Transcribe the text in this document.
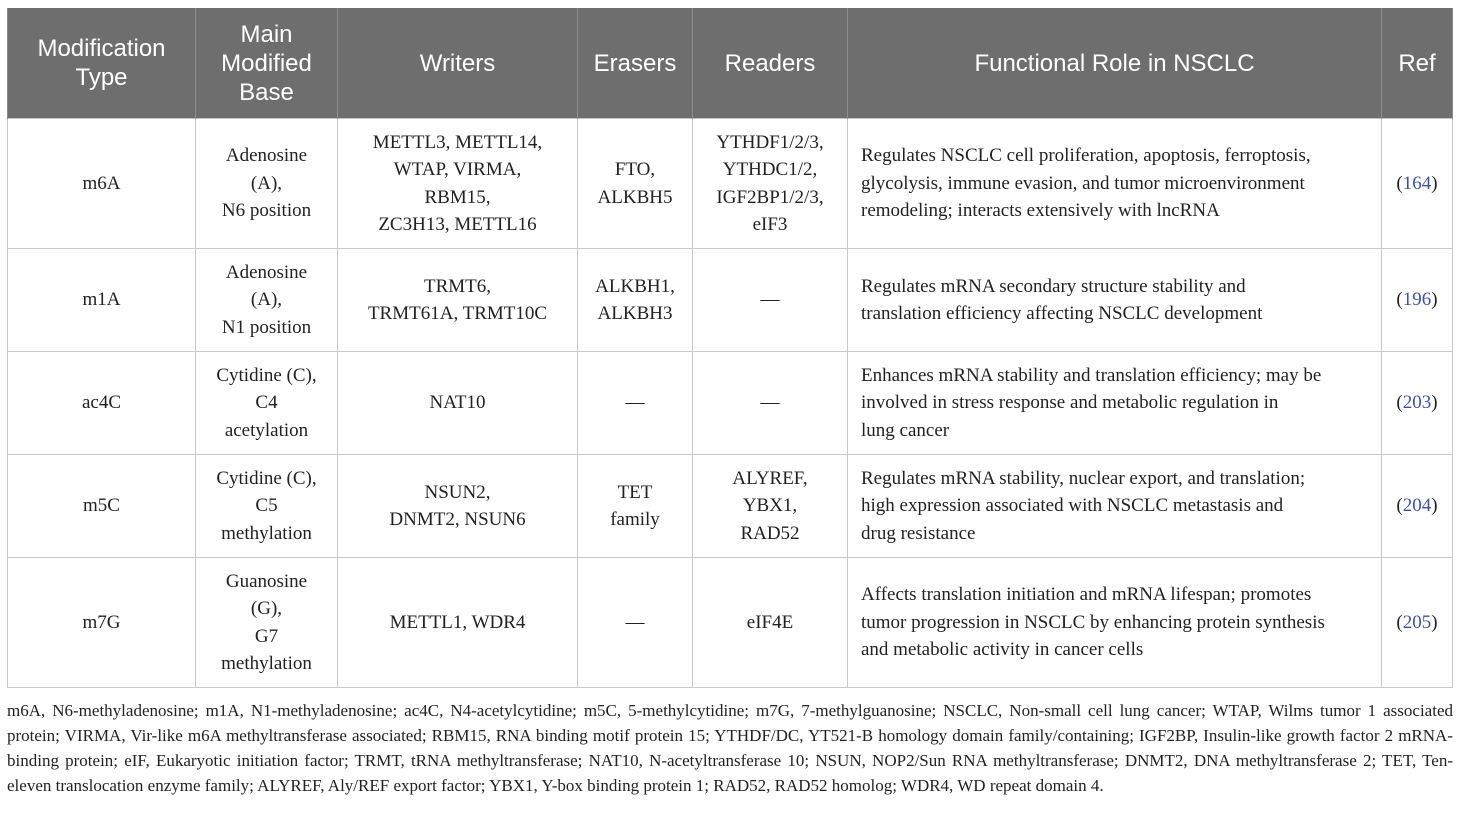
Modification
Type	Main
Modified
Base	Writers	Erasers	Readers	Functional Role in NSCLC	Ref
m6A	Adenosine
(A),
N6 position	METTL3, METTL14,
WTAP, VIRMA,
RBM15,
ZC3H13, METTL16	FTO,
ALKBH5	YTHDF1/2/3,
YTHDC1/2,
IGF2BP1/2/3,
eIF3	Regulates NSCLC cell proliferation, apoptosis, ferroptosis,
glycolysis, immune evasion, and tumor microenvironment
remodeling; interacts extensively with lncRNA	(164)
m1A	Adenosine
(A),
N1 position	TRMT6,
TRMT61A, TRMT10C	ALKBH1,
ALKBH3	—	Regulates mRNA secondary structure stability and
translation efficiency affecting NSCLC development	(196)
ac4C	Cytidine (C),
C4
acetylation	NAT10	—	—	Enhances mRNA stability and translation efficiency; may be
involved in stress response and metabolic regulation in
lung cancer	(203)
m5C	Cytidine (C),
C5
methylation	NSUN2,
DNMT2, NSUN6	TET
family	ALYREF,
YBX1,
RAD52	Regulates mRNA stability, nuclear export, and translation;
high expression associated with NSCLC metastasis and
drug resistance	(204)
m7G	Guanosine
(G),
G7
methylation	METTL1, WDR4	—	eIF4E	Affects translation initiation and mRNA lifespan; promotes
tumor progression in NSCLC by enhancing protein synthesis
and metabolic activity in cancer cells	(205)
m6A, N6-methyladenosine; m1A, N1-methyladenosine; ac4C, N4-acetylcytidine; m5C, 5-methylcytidine; m7G, 7-methylguanosine; NSCLC, Non-small cell lung cancer; WTAP, Wilms tumor 1 associated protein; VIRMA, Vir-like m6A methyltransferase associated; RBM15, RNA binding motif protein 15; YTHDF/DC, YT521-B homology domain family/containing; IGF2BP, Insulin-like growth factor 2 mRNA-binding protein; eIF, Eukaryotic initiation factor; TRMT, tRNA methyltransferase; NAT10, N-acetyltransferase 10; NSUN, NOP2/Sun RNA methyltransferase; DNMT2, DNA methyltransferase 2; TET, Ten-eleven translocation enzyme family; ALYREF, Aly/REF export factor; YBX1, Y-box binding protein 1; RAD52, RAD52 homolog; WDR4, WD repeat domain 4.
